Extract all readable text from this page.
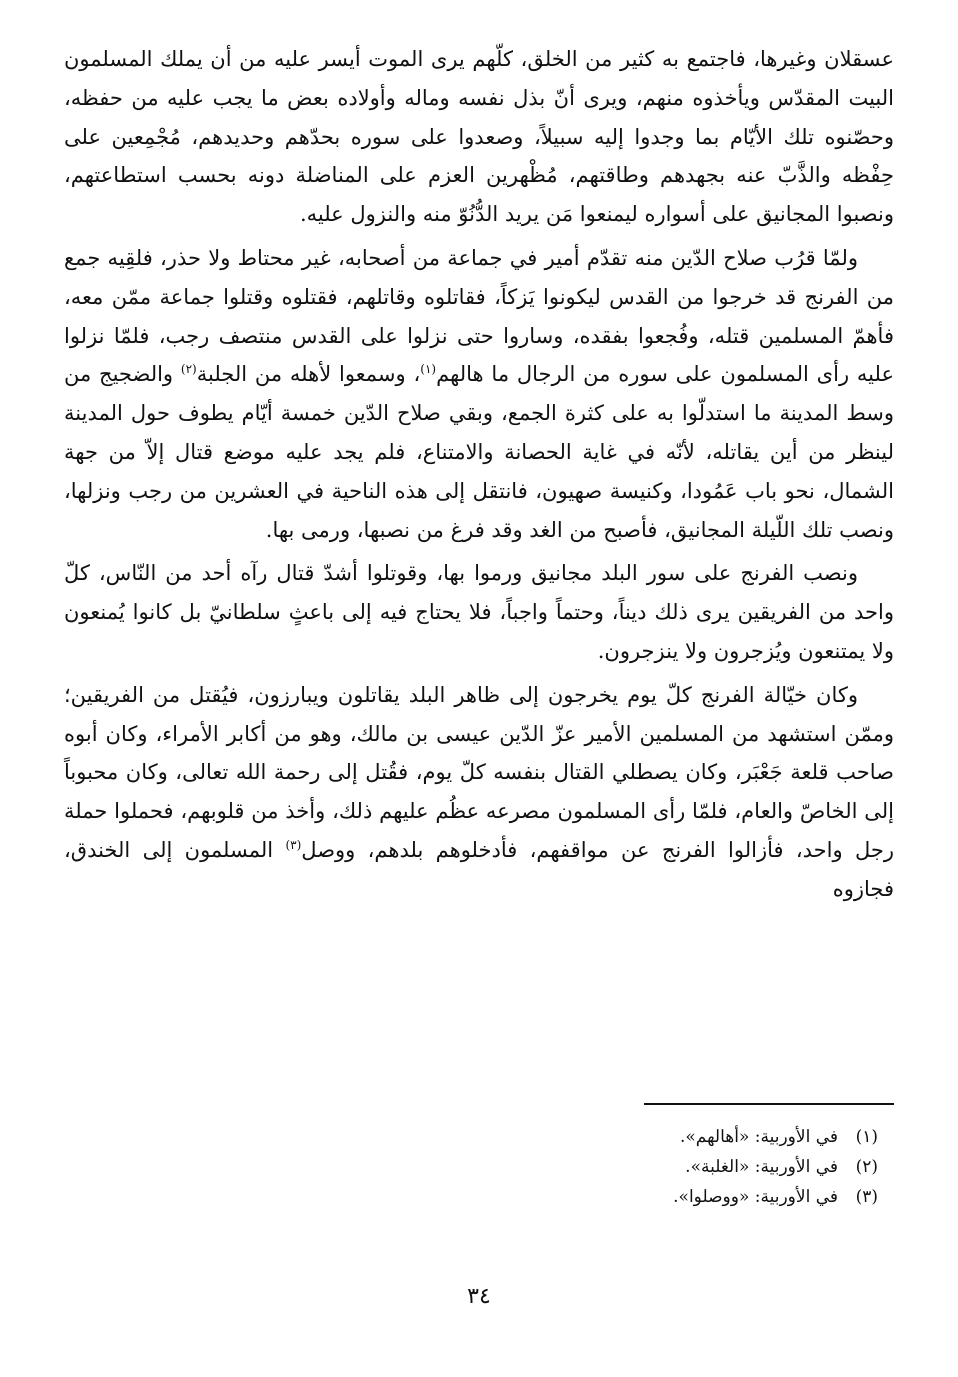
عسقلان وغيرها، فاجتمع به كثير من الخلق، كلّهم يرى الموت أيسر عليه من أن يملك المسلمون البيت المقدّس ويأخذوه منهم، ويرى أنّ بذل نفسه وماله وأولاده بعض ما يجب عليه من حفظه، وحصّنوه تلك الأيّام بما وجدوا إليه سبيلاً، وصعدوا على سوره بحدّهم وحديدهم، مُجْمِعين على حِفْظه والذَّبّ عنه بجهدهم وطاقتهم، مُظْهرين العزم على المناضلة دونه بحسب استطاعتهم، ونصبوا المجانيق على أسواره ليمنعوا مَن يريد الدُّنُوّ منه والنزول عليه.

ولمّا قرُب صلاح الدّين منه تقدّم أمير في جماعة من أصحابه، غير محتاط ولا حذر، فلقِيه جمع من الفرنج قد خرجوا من القدس ليكونوا يَزكاً، فقاتلوه وقاتلهم، فقتلوه وقتلوا جماعة ممّن معه، فأهمّ المسلمين قتله، وفُجعوا بفقده، وساروا حتى نزلوا على القدس منتصف رجب، فلمّا نزلوا عليه رأى المسلمون على سوره من الرجال ما هالهم$^{(١)}$، وسمعوا لأهله من الجلبة$^{(٢)}$ والضجيج من وسط المدينة ما استدلّوا به على كثرة الجمع، وبقي صلاح الدّين خمسة أيّام يطوف حول المدينة لينظر من أين يقاتله، لأنّه في غاية الحصانة والامتناع، فلم يجد عليه موضع قتال إلاّ من جهة الشمال، نحو باب عَمُودا، وكنيسة صهيون، فانتقل إلى هذه الناحية في العشرين من رجب ونزلها، ونصب تلك اللّيلة المجانيق، فأصبح من الغد وقد فرغ من نصبها، ورمى بها.

ونصب الفرنج على سور البلد مجانيق ورموا بها، وقوتلوا أشدّ قتال رآه أحد من النّاس، كلّ واحد من الفريقين يرى ذلك ديناً، وحتماً واجباً، فلا يحتاج فيه إلى باعثٍ سلطانيّ بل كانوا يُمنعون ولا يمتنعون ويُزجرون ولا ينزجرون.

وكان خيّالة الفرنج كلّ يوم يخرجون إلى ظاهر البلد يقاتلون ويبارزون، فيُقتل من الفريقين؛ وممّن استشهد من المسلمين الأمير عزّ الدّين عيسى بن مالك، وهو من أكابر الأمراء، وكان أبوه صاحب قلعة جَعْبَر، وكان يصطلي القتال بنفسه كلّ يوم، فقُتل إلى رحمة الله تعالى، وكان محبوباً إلى الخاصّ والعام، فلمّا رأى المسلمون مصرعه عظُم عليهم ذلك، وأخذ من قلوبهم، فحملوا حملة رجل واحد، فأزالوا الفرنج عن مواقفهم، فأدخلوهم بلدهم، ووصل$^{(٣)}$ المسلمون إلى الخندق، فجازوه

(١)
في الأوربية: «أهالهم».
(٢)
في الأوربية: «الغلبة».
(٣)
في الأوربية: «ووصلوا».
٣٤
